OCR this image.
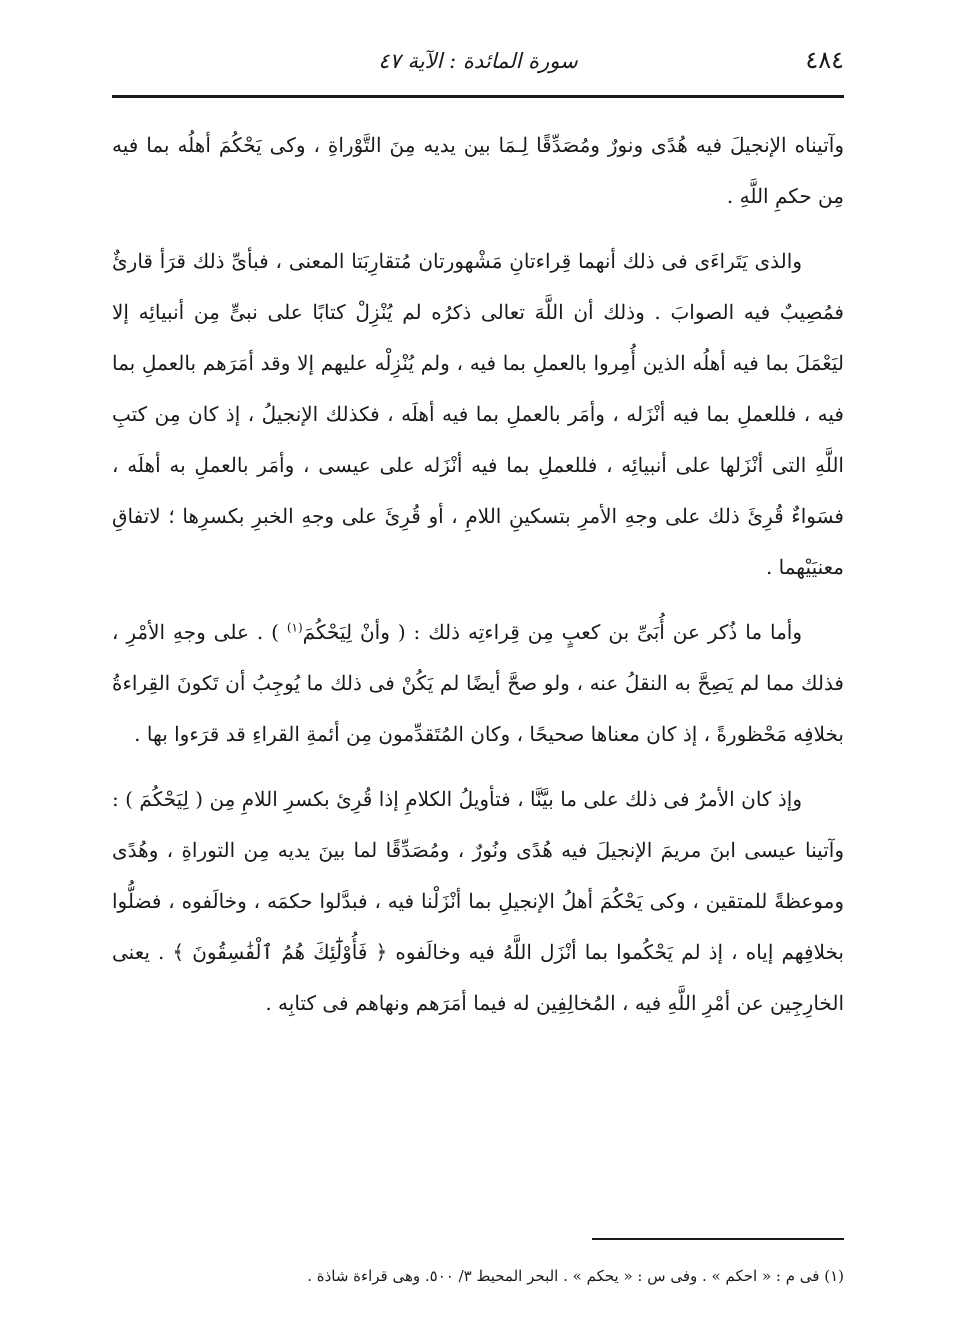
٤٨٤
سورة المائدة : الآية ٤٧

وآتيناه الإنجيلَ فيه هُدًى ونورٌ ومُصَدِّقًا لِـمَا بين يديه مِنَ التَّوْراةِ ، وكى يَحْكُمَ أهلُه بما فيه مِن حكمِ اللَّهِ .

والذى يَتَراءَى فى ذلك أنهما قِراءتانِ مَشْهورتان مُتقارِبَتا المعنى ، فبأىِّ ذلك قرَأ قارئٌ فمُصِيبٌ فيه الصوابَ . وذلك أن اللَّهَ تعالى ذكرُه لم يُنْزِلْ كتابًا على نبىٍّ مِن أنبيائِه إلا ليَعْمَلَ بما فيه أهلُه الذين أُمِروا بالعملِ بما فيه ، ولم يُنْزِلْه عليهم إلا وقد أمَرَهم بالعملِ بما فيه ، فللعملِ بما فيه أنْزَله ، وأمَر بالعملِ بما فيه أهلَه ، فكذلك الإنجيلُ ، إذ كان مِن كتبِ اللَّهِ التى أنْزَلها على أنبيائِه ، فللعملِ بما فيه أنْزَله على عيسى ، وأمَر بالعملِ به أهلَه ، فسَواءٌ قُرِئَ ذلك على وجهِ الأمرِ بتسكينِ اللامِ ، أو قُرِئَ على وجهِ الخبرِ بكسرِها ؛ لاتفاقِ معنيَيْهما .

وأما ما ذُكر عن أُبَىِّ بن كعبٍ مِن قِراءتِه ذلك : ( وأنْ لِيَحْكُمَ$^{(١)}$ ) . على وجهِ الأمْرِ ، فذلك مما لم يَصِحَّ به النقلُ عنه ، ولو صحَّ أيضًا لم يَكُنْ فى ذلك ما يُوجِبُ أن تَكونَ القِراءةُ بخلافِه مَحْظورةً ، إذ كان معناها صحيحًا ، وكان المُتَقدِّمون مِن أئمةِ القراءِ قد قرَءوا بها .

وإذ كان الأمرُ فى ذلك على ما بيَّنَّا ، فتأويلُ الكلامِ إذا قُرِئ بكسرِ اللامِ مِن ( لِيَحْكُمَ ) : وآتينا عيسى ابنَ مريمَ الإنجيلَ فيه هُدًى ونُورٌ ، ومُصَدِّقًا لما بينَ يديه مِن التوراةِ ، وهُدًى وموعظةً للمتقين ، وكى يَحْكُمَ أهلُ الإنجيلِ بما أنْزَلْنا فيه ، فبدَّلوا حكمَه ، وخالَفوه ، فضلُّوا بخلافِهم إياه ، إذ لم يَحْكُموا بما أنْزَل اللَّهُ فيه وخالَفوه ﴿ فَأُوْلَٰٓئِكَ هُمُ ٱلْفَٰسِقُونَ ﴾ . يعنى الخارِجِين عن أمْرِ اللَّهِ فيه ، المُخالِفِين له فيما أمَرَهم ونهاهم فى كتابِه .

(١) فى م : « احكم » . وفى س : « يحكم » . البحر المحيط ٣/ ٥٠٠. وهى قراءة شاذة .
